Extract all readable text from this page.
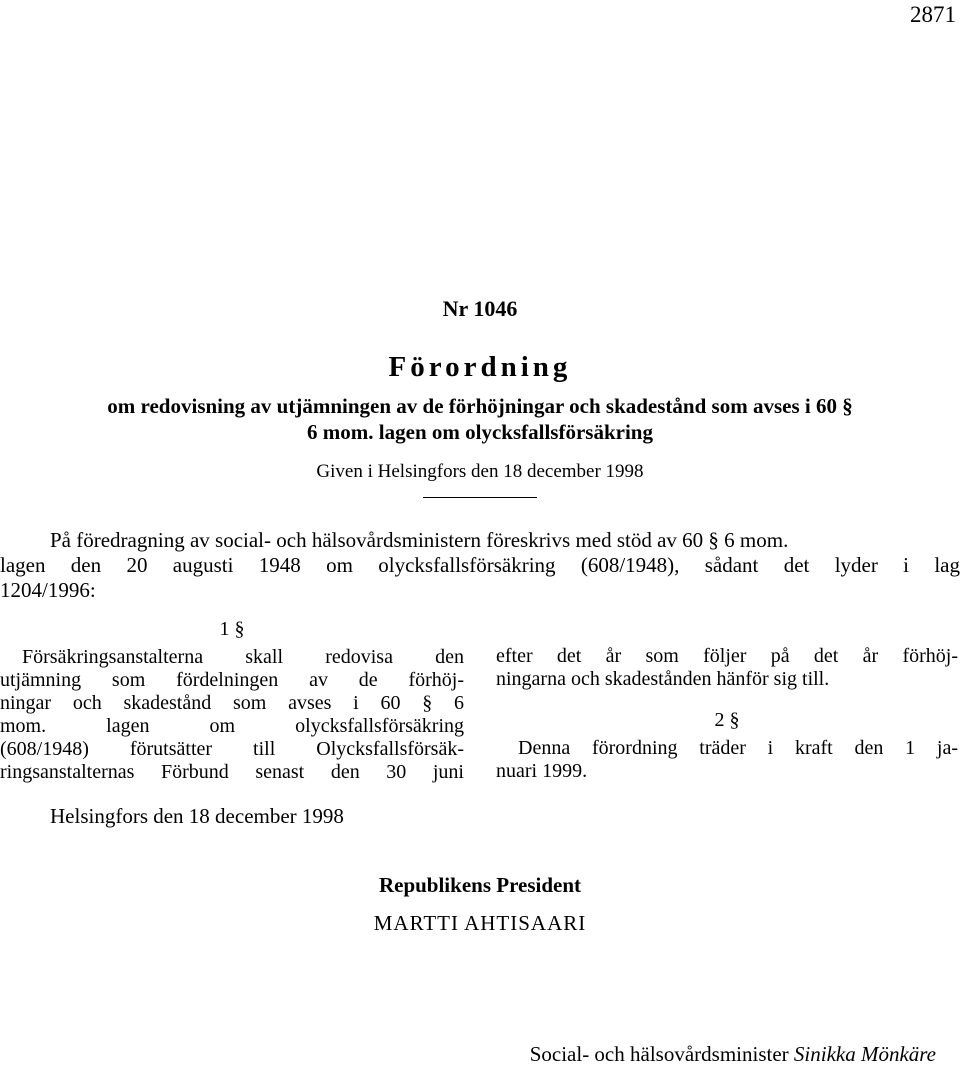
2871
Nr 1046
Förordning
om redovisning av utjämningen av de förhöjningar och skadestånd som avses i 60 §
6 mom. lagen om olycksfallsförsäkring
Given i Helsingfors den 18 december 1998
På föredragning av social- och hälsovårdsministern föreskrivs med stöd av 60 § 6 mom.
lagen den 20 augusti 1948 om olycksfallsförsäkring (608/1948), sådant det lyder i lag
1204/1996:
1 §
Försäkringsanstalterna skall redovisa den
utjämning som fördelningen av de förhöj-
ningar och skadestånd som avses i 60 § 6
mom. lagen om olycksfallsförsäkring
(608/1948) förutsätter till Olycksfallsförsäk-
ringsanstalternas Förbund senast den 30 juni
efter det år som följer på det år förhöj-
ningarna och skadestånden hänför sig till.
2 §
Denna förordning träder i kraft den 1 ja-
nuari 1999.
Helsingfors den 18 december 1998
Republikens President
MARTTI AHTISAARI
Social- och hälsovårdsminister Sinikka Mönkäre
